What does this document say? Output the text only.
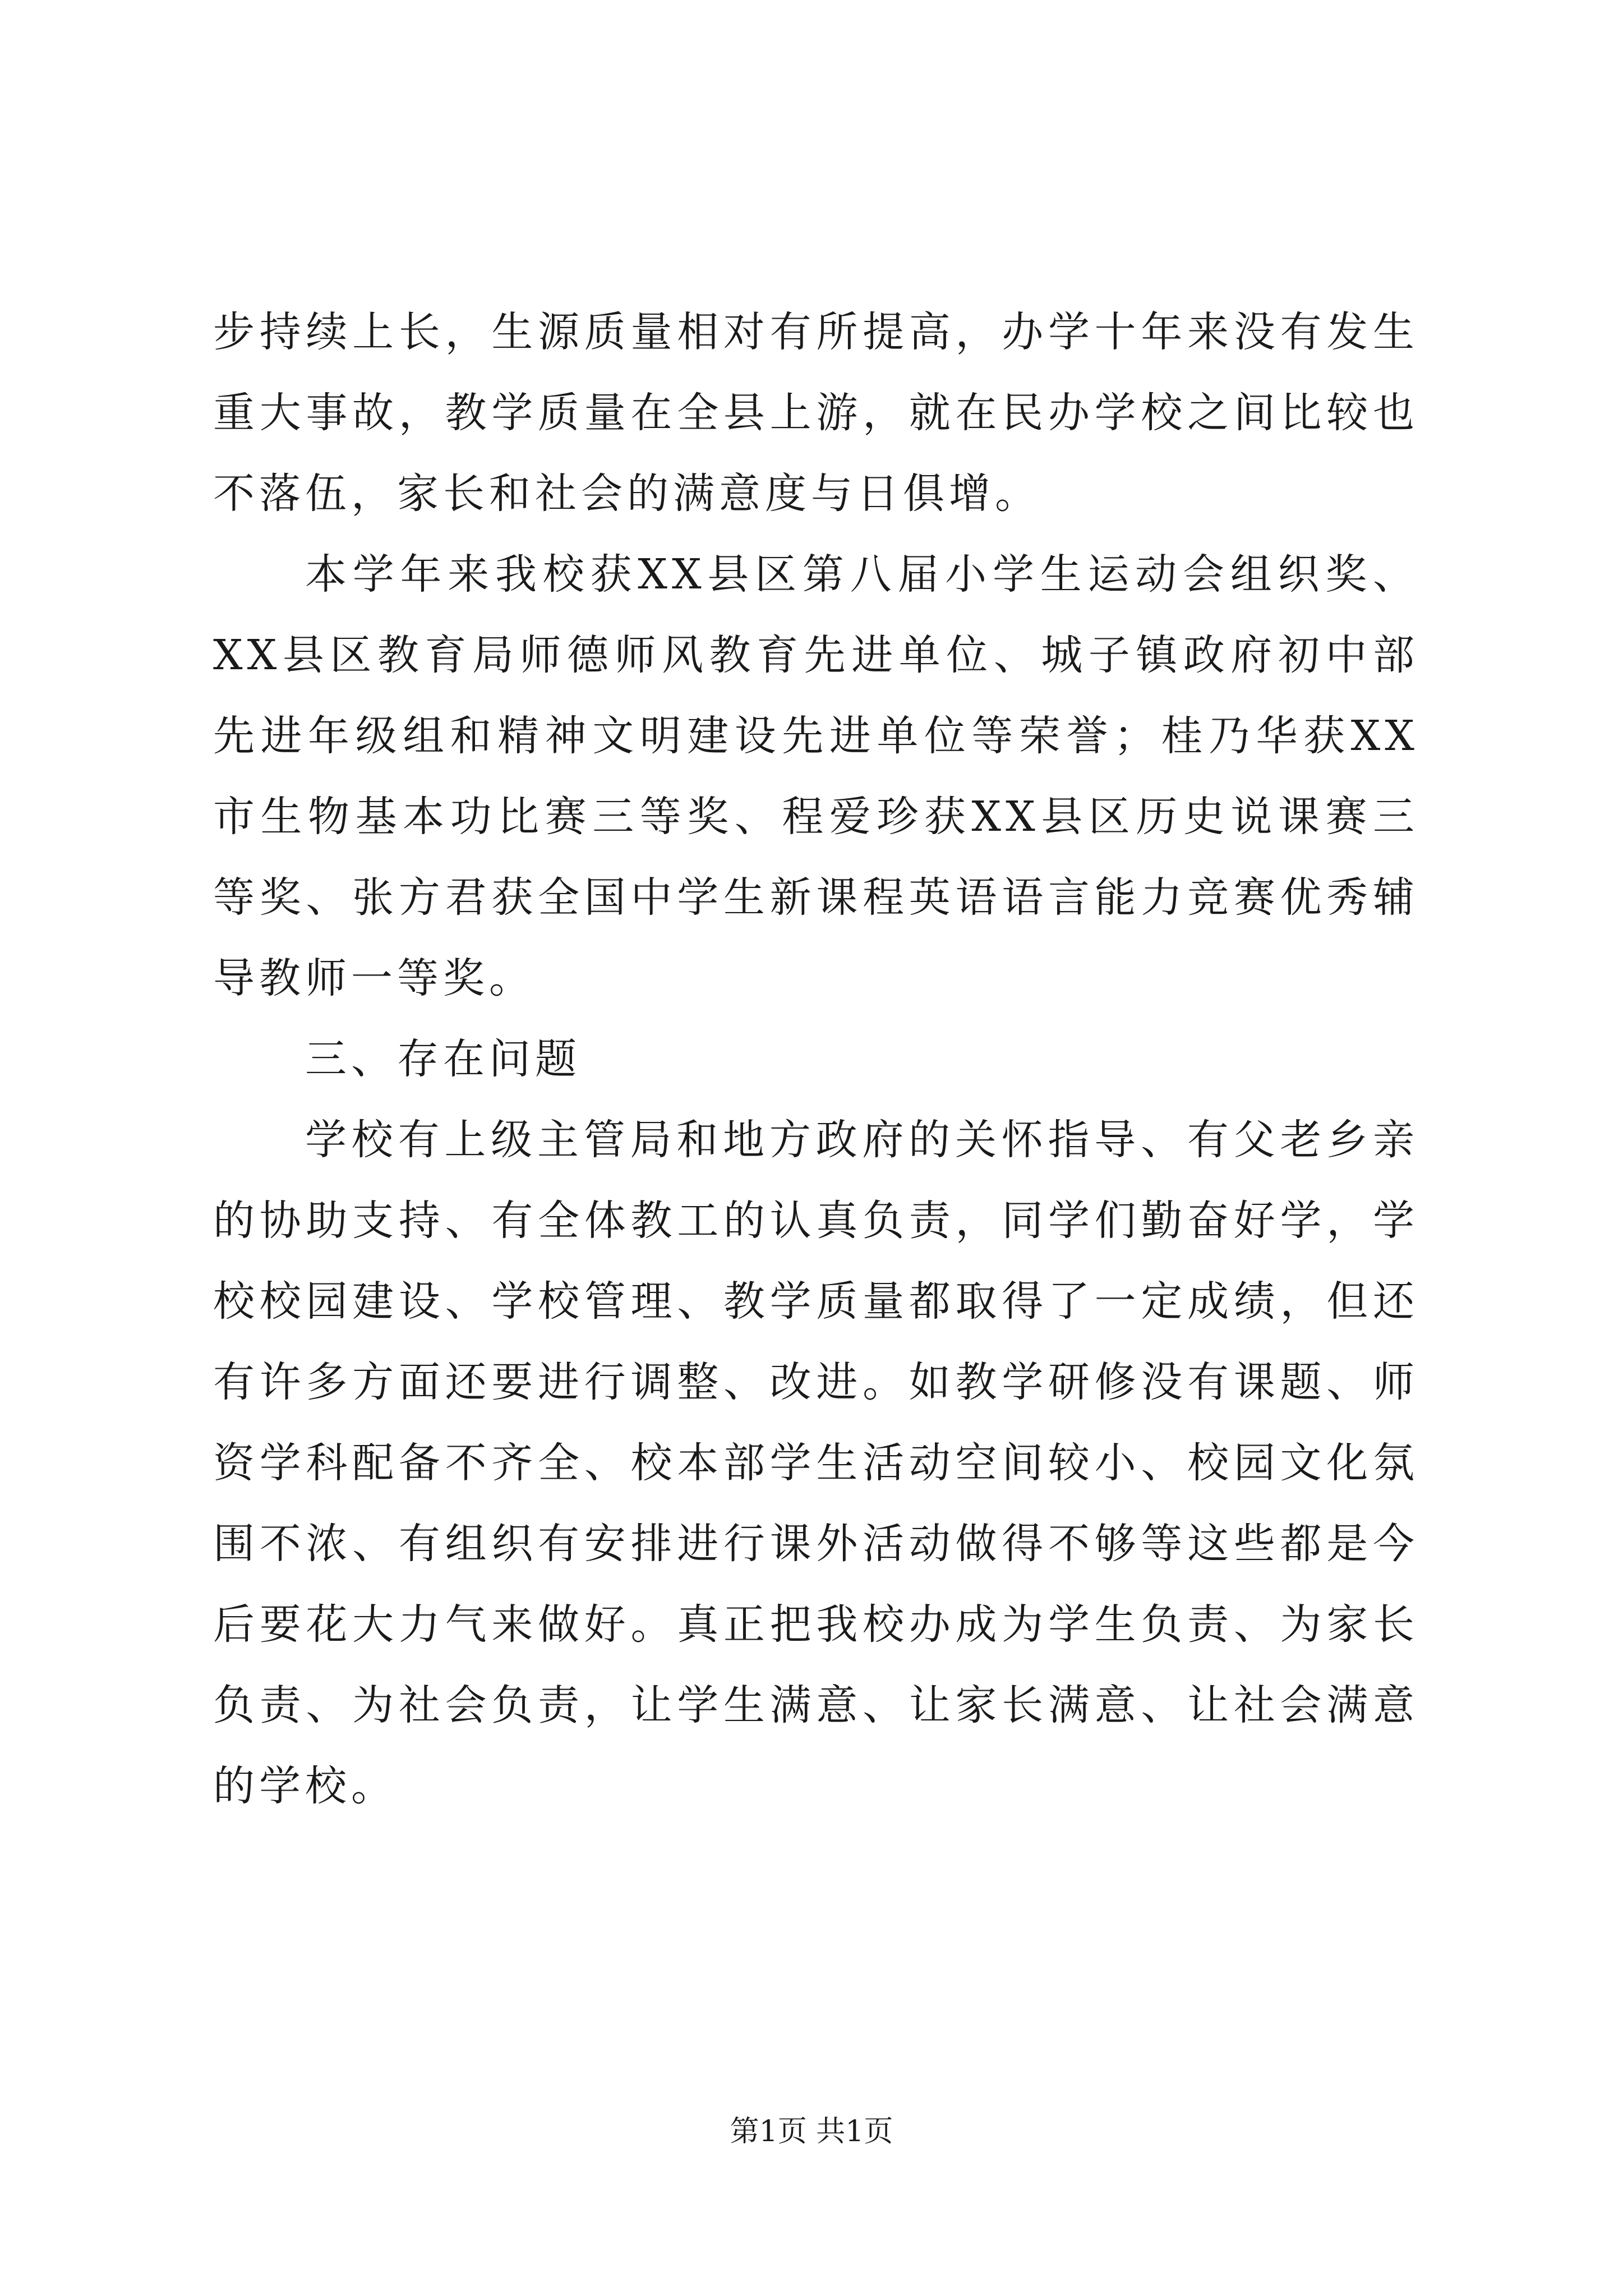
步持续上长，生源质量相对有所提高，办学十年来没有发生重大事故，教学质量在全县上游，就在民办学校之间比较也不落伍，家长和社会的满意度与日俱增。

本学年来我校获XX县区第八届小学生运动会组织奖、XX县区教育局师德师风教育先进单位、城子镇政府初中部先进年级组和精神文明建设先进单位等荣誉；桂乃华获XX市生物基本功比赛三等奖、程爱珍获XX县区历史说课赛三等奖、张方君获全国中学生新课程英语语言能力竞赛优秀辅导教师一等奖。

三、存在问题

学校有上级主管局和地方政府的关怀指导、有父老乡亲的协助支持、有全体教工的认真负责，同学们勤奋好学，学校校园建设、学校管理、教学质量都取得了一定成绩，但还有许多方面还要进行调整、改进。如教学研修没有课题、师资学科配备不齐全、校本部学生活动空间较小、校园文化氛围不浓、有组织有安排进行课外活动做得不够等这些都是今后要花大力气来做好。真正把我校办成为学生负责、为家长负责、为社会负责，让学生满意、让家长满意、让社会满意的学校。

第1页 共1页
